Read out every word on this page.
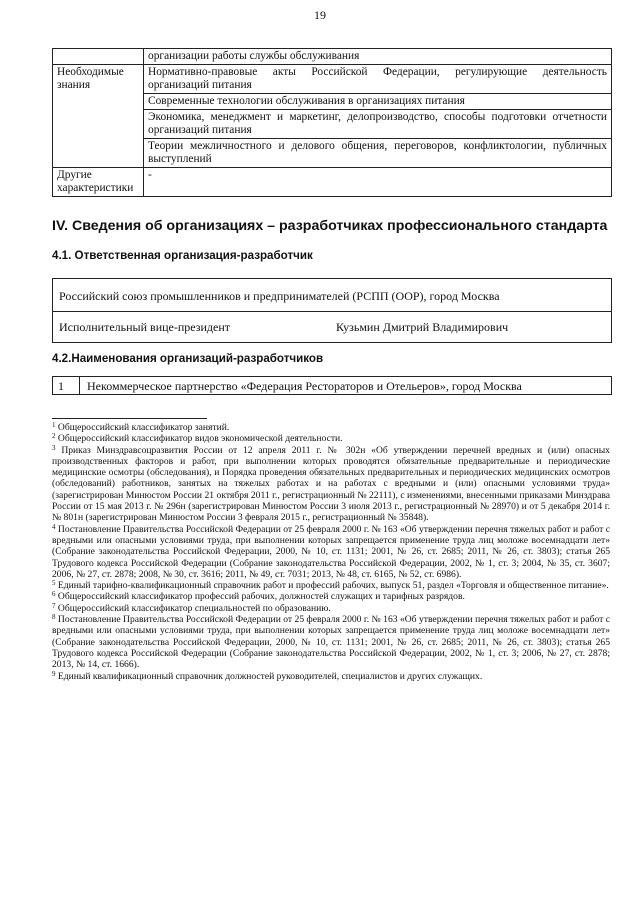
19
	организации работы службы обслуживания
Необходимые знания	Нормативно-правовые акты Российской Федерации, регулирующие деятельность организаций питания
	Современные технологии обслуживания в организациях питания
	Экономика, менеджмент и маркетинг, делопроизводство, способы подготовки отчетности организаций питания
	Теории межличностного и делового общения, переговоров, конфликтологии, публичных выступлений
Другие характеристики	-
IV. Сведения об организациях – разработчиках профессионального стандарта
4.1. Ответственная организация-разработчик
Российский союз промышленников и предпринимателей (РСПП (ООР), город Москва
Исполнительный вице-президент	Кузьмин Дмитрий Владимирович
4.2.Наименования организаций-разработчиков
1 Некоммерческое партнерство «Федерация Рестораторов и Отельеров», город Москва

$^1$ Общероссийский классификатор занятий.

$^2$ Общероссийский классификатор видов экономической деятельности.

$^3$ Приказ Минздравсоцразвития России от 12 апреля 2011 г. № 302н «Об утверждении перечней вредных и (или) опасных производственных факторов и работ, при выполнении которых проводятся обязательные предварительные и периодические медицинские осмотры (обследования), и Порядка проведения обязательных предварительных и периодических медицинских осмотров (обследований) работников, занятых на тяжелых работах и на работах с вредными и (или) опасными условиями труда» (зарегистрирован Минюстом России 21 октября 2011 г., регистрационный № 22111), с изменениями, внесенными приказами Минздрава России от 15 мая 2013 г. № 296н (зарегистрирован Минюстом России 3 июля 2013 г., регистрационный № 28970) и от 5 декабря 2014 г. № 801н (зарегистрирован Минюстом России 3 февраля 2015 г., регистрационный № 35848).

$^4$ Постановление Правительства Российской Федерации от 25 февраля 2000 г. № 163 «Об утверждении перечня тяжелых работ и работ с вредными или опасными условиями труда, при выполнении которых запрещается применение труда лиц моложе восемнадцати лет» (Собрание законодательства Российской Федерации, 2000, № 10, ст. 1131; 2001, № 26, ст. 2685; 2011, № 26, ст. 3803); статья 265 Трудового кодекса Российской Федерации (Собрание законодательства Российской Федерации, 2002, № 1, ст. 3; 2004, № 35, ст. 3607; 2006, № 27, ст. 2878; 2008, № 30, ст. 3616; 2011, № 49, ст. 7031; 2013, № 48, ст. 6165, № 52, ст. 6986).

$^5$ Единый тарифно-квалификационный справочник работ и профессий рабочих, выпуск 51, раздел «Торговля и общественное питание».

$^6$ Общероссийский классификатор профессий рабочих, должностей служащих и тарифных разрядов.

$^7$ Общероссийский классификатор специальностей по образованию.

$^8$ Постановление Правительства Российской Федерации от 25 февраля 2000 г. № 163 «Об утверждении перечня тяжелых работ и работ с вредными или опасными условиями труда, при выполнении которых запрещается применение труда лиц моложе восемнадцати лет» (Собрание законодательства Российской Федерации, 2000, № 10, ст. 1131; 2001, № 26, ст. 2685; 2011, № 26, ст. 3803); статья 265 Трудового кодекса Российской Федерации (Собрание законодательства Российской Федерации, 2002, № 1, ст. 3; 2006, № 27, ст. 2878; 2013, № 14, ст. 1666).

$^9$ Единый квалификационный справочник должностей руководителей, специалистов и других служащих.
